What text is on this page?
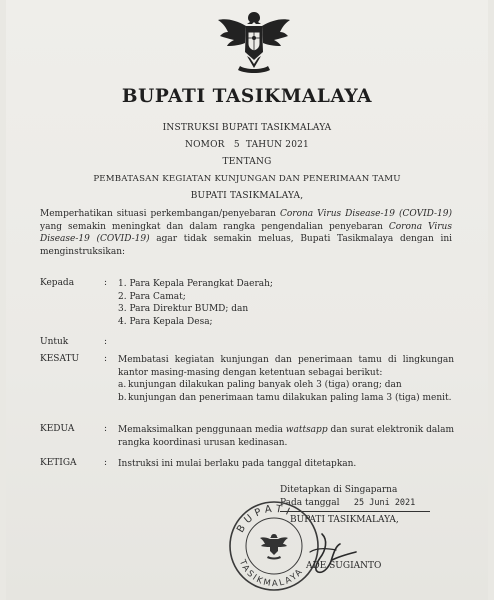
BUPATI TASIKMALAYA
INSTRUKSI BUPATI TASIKMALAYA
NOMOR 5 TAHUN 2021
TENTANG
PEMBATASAN KEGIATAN KUNJUNGAN DAN PENERIMAAN TAMU
BUPATI TASIKMALAYA,
Memperhatikan situasi perkembangan/penyebaran Corona Virus Disease-19 (COVID-19) yang semakin meningkat dan dalam rangka pengendalian penyebaran Corona Virus Disease-19 (COVID-19) agar tidak semakin meluas, Bupati Tasikmalaya dengan ini menginstruksikan:
Kepada	: 1. Para Kepala Perangkat Daerah;
2. Para Camat;
3. Para Direktur BUMD; dan
4. Para Kepala Desa;
Untuk	:
KESATU	: Membatasi kegiatan kunjungan dan penerimaan tamu di lingkungan kantor masing-masing dengan ketentuan sebagai berikut:
a. kunjungan dilakukan paling banyak oleh 3 (tiga) orang; dan
b. kunjungan dan penerimaan tamu dilakukan paling lama 3 (tiga) menit.
KEDUA	: Memaksimalkan penggunaan media wattsapp dan surat elektronik dalam rangka koordinasi urusan kedinasan.
KETIGA	: Instruksi ini mulai berlaku pada tanggal ditetapkan.
Ditetapkan di Singaparna
Pada tanggal 25 Juni 2021
BUPATI TASIKMALAYA,
BUPATI
TASIKMALAYA
ADE SUGIANTO
